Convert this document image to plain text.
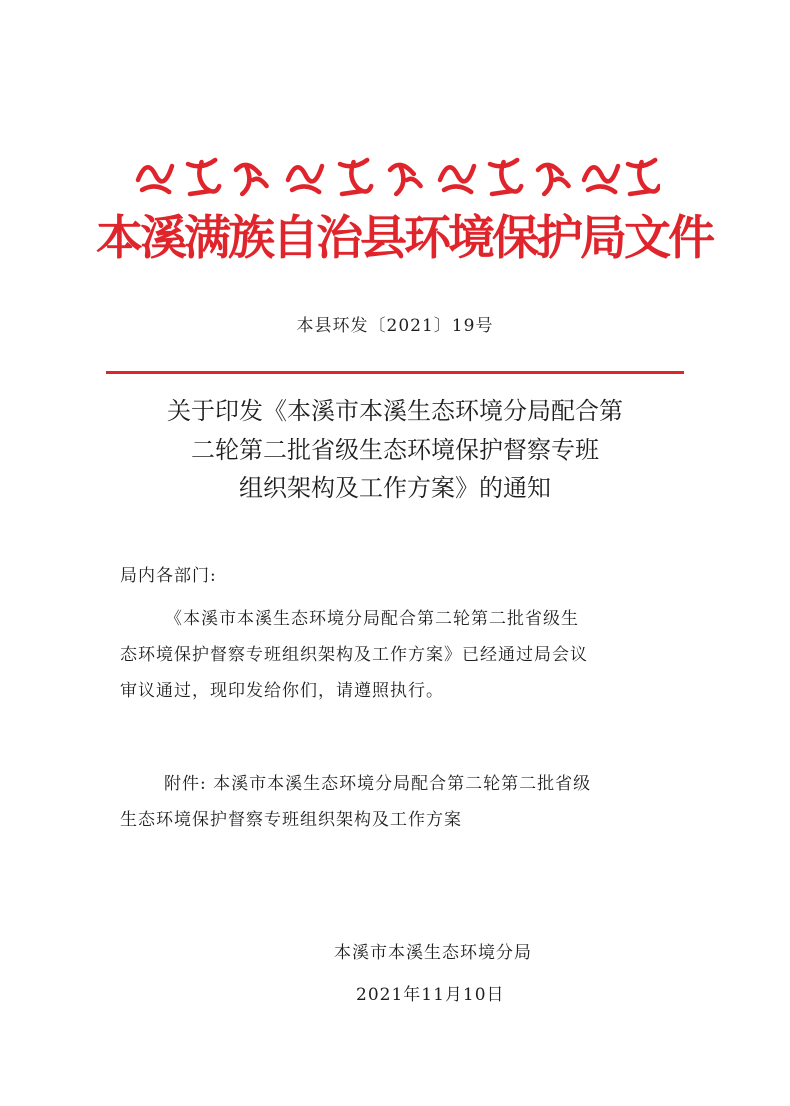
本溪满族自治县环境保护局文件
本县环发〔2021〕19号
关于印发《本溪市本溪生态环境分局配合第
二轮第二批省级生态环境保护督察专班
组织架构及工作方案》的通知
局内各部门:
《本溪市本溪生态环境分局配合第二轮第二批省级生
态环境保护督察专班组织架构及工作方案》已经通过局会议
审议通过，现印发给你们，请遵照执行。
附件: 本溪市本溪生态环境分局配合第二轮第二批省级
生态环境保护督察专班组织架构及工作方案
本溪市本溪生态环境分局
2021年11月10日
